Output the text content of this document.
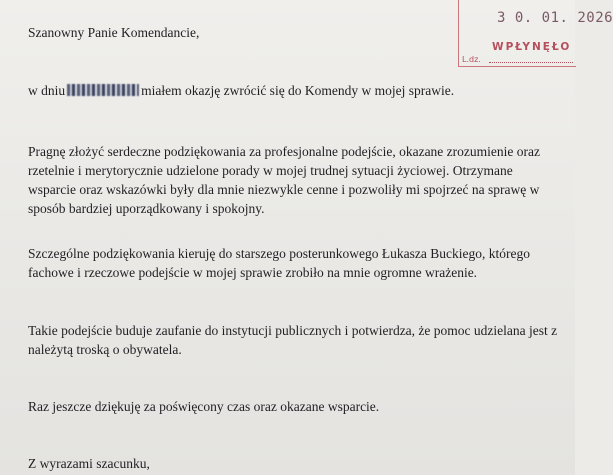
3 0. 01. 2026
WPŁYNĘŁO
L.dz.
Szanowny Panie Komendancie,
w dniu	miałem okazję zwrócić się do Komendy w mojej sprawie.
Pragnę złożyć serdeczne podziękowania za profesjonalne podejście, okazane zrozumienie oraz
rzetelnie i merytorycznie udzielone porady w mojej trudnej sytuacji życiowej. Otrzymane
wsparcie oraz wskazówki były dla mnie niezwykle cenne i pozwoliły mi spojrzeć na sprawę w
sposób bardziej uporządkowany i spokojny.
Szczególne podziękowania kieruję do starszego posterunkowego Łukasza Buckiego, którego
fachowe i rzeczowe podejście w mojej sprawie zrobiło na mnie ogromne wrażenie.
Takie podejście buduje zaufanie do instytucji publicznych i potwierdza, że pomoc udzielana jest z
należytą troską o obywatela.
Raz jeszcze dziękuję za poświęcony czas oraz okazane wsparcie.
Z wyrazami szacunku,
